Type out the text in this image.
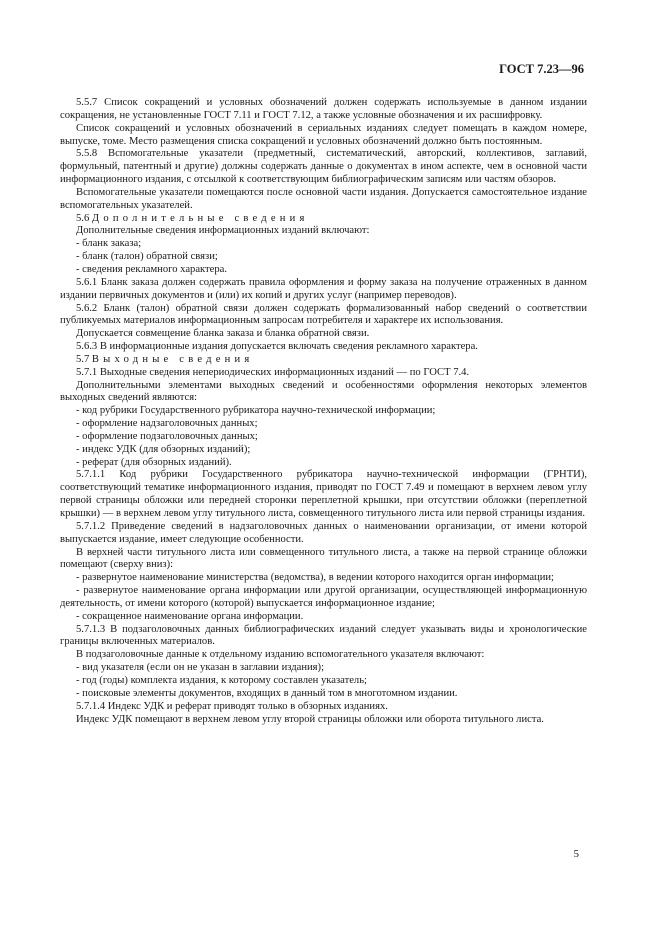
ГОСТ 7.23—96

5.5.7 Список сокращений и условных обозначений должен содержать используемые в данном издании сокращения, не установленные ГОСТ 7.11 и ГОСТ 7.12, а также условные обозначения и их расшифровку.

Список сокращений и условных обозначений в сериальных изданиях следует помещать в каждом номере, выпуске, томе. Место размещения списка сокращений и условных обозначений должно быть постоянным.

5.5.8 Вспомогательные указатели (предметный, систематический, авторский, коллективов, заглавий, формульный, патентный и другие) должны содержать данные о документах в ином аспекте, чем в основной части информационного издания, с отсылкой к соответствующим библиографическим записям или частям обзоров.

Вспомогательные указатели помещаются после основной части издания. Допускается самостоятельное издание вспомогательных указателей.

5.6 Дополнительные сведения

Дополнительные сведения информационных изданий включают:

- бланк заказа;

- бланк (талон) обратной связи;

- сведения рекламного характера.

5.6.1 Бланк заказа должен содержать правила оформления и форму заказа на получение отраженных в данном издании первичных документов и (или) их копий и других услуг (например переводов).

5.6.2 Бланк (талон) обратной связи должен содержать формализованный набор сведений о соответствии публикуемых материалов информационным запросам потребителя и характере их использования.

Допускается совмещение бланка заказа и бланка обратной связи.

5.6.3 В информационные издания допускается включать сведения рекламного характера.

5.7 Выходные сведения

5.7.1 Выходные сведения непериодических информационных изданий — по ГОСТ 7.4.

Дополнительными элементами выходных сведений и особенностями оформления некоторых элементов выходных сведений являются:

- код рубрики Государственного рубрикатора научно-технической информации;

- оформление надзаголовочных данных;

- оформление подзаголовочных данных;

- индекс УДК (для обзорных изданий);

- реферат (для обзорных изданий).

5.7.1.1 Код рубрики Государственного рубрикатора научно-технической информации (ГРНТИ), соответствующий тематике информационного издания, приводят по ГОСТ 7.49 и помещают в верхнем левом углу первой страницы обложки или передней сторонки переплетной крышки, при отсутствии обложки (переплетной крышки) — в верхнем левом углу титульного листа, совмещенного титульного листа или первой страницы издания.

5.7.1.2 Приведение сведений в надзаголовочных данных о наименовании организации, от имени которой выпускается издание, имеет следующие особенности.

В верхней части титульного листа или совмещенного титульного листа, а также на первой странице обложки помещают (сверху вниз):

- развернутое наименование министерства (ведомства), в ведении которого находится орган информации;

- развернутое наименование органа информации или другой организации, осуществляющей информационную деятельность, от имени которого (которой) выпускается информационное издание;

- сокращенное наименование органа информации.

5.7.1.3 В подзаголовочных данных библиографических изданий следует указывать виды и хронологические границы включенных материалов.

В подзаголовочные данные к отдельному изданию вспомогательного указателя включают:

- вид указателя (если он не указан в заглавии издания);

- год (годы) комплекта издания, к которому составлен указатель;

- поисковые элементы документов, входящих в данный том в многотомном издании.

5.7.1.4 Индекс УДК и реферат приводят только в обзорных изданиях.

Индекс УДК помещают в верхнем левом углу второй страницы обложки или оборота титульного листа.

5
